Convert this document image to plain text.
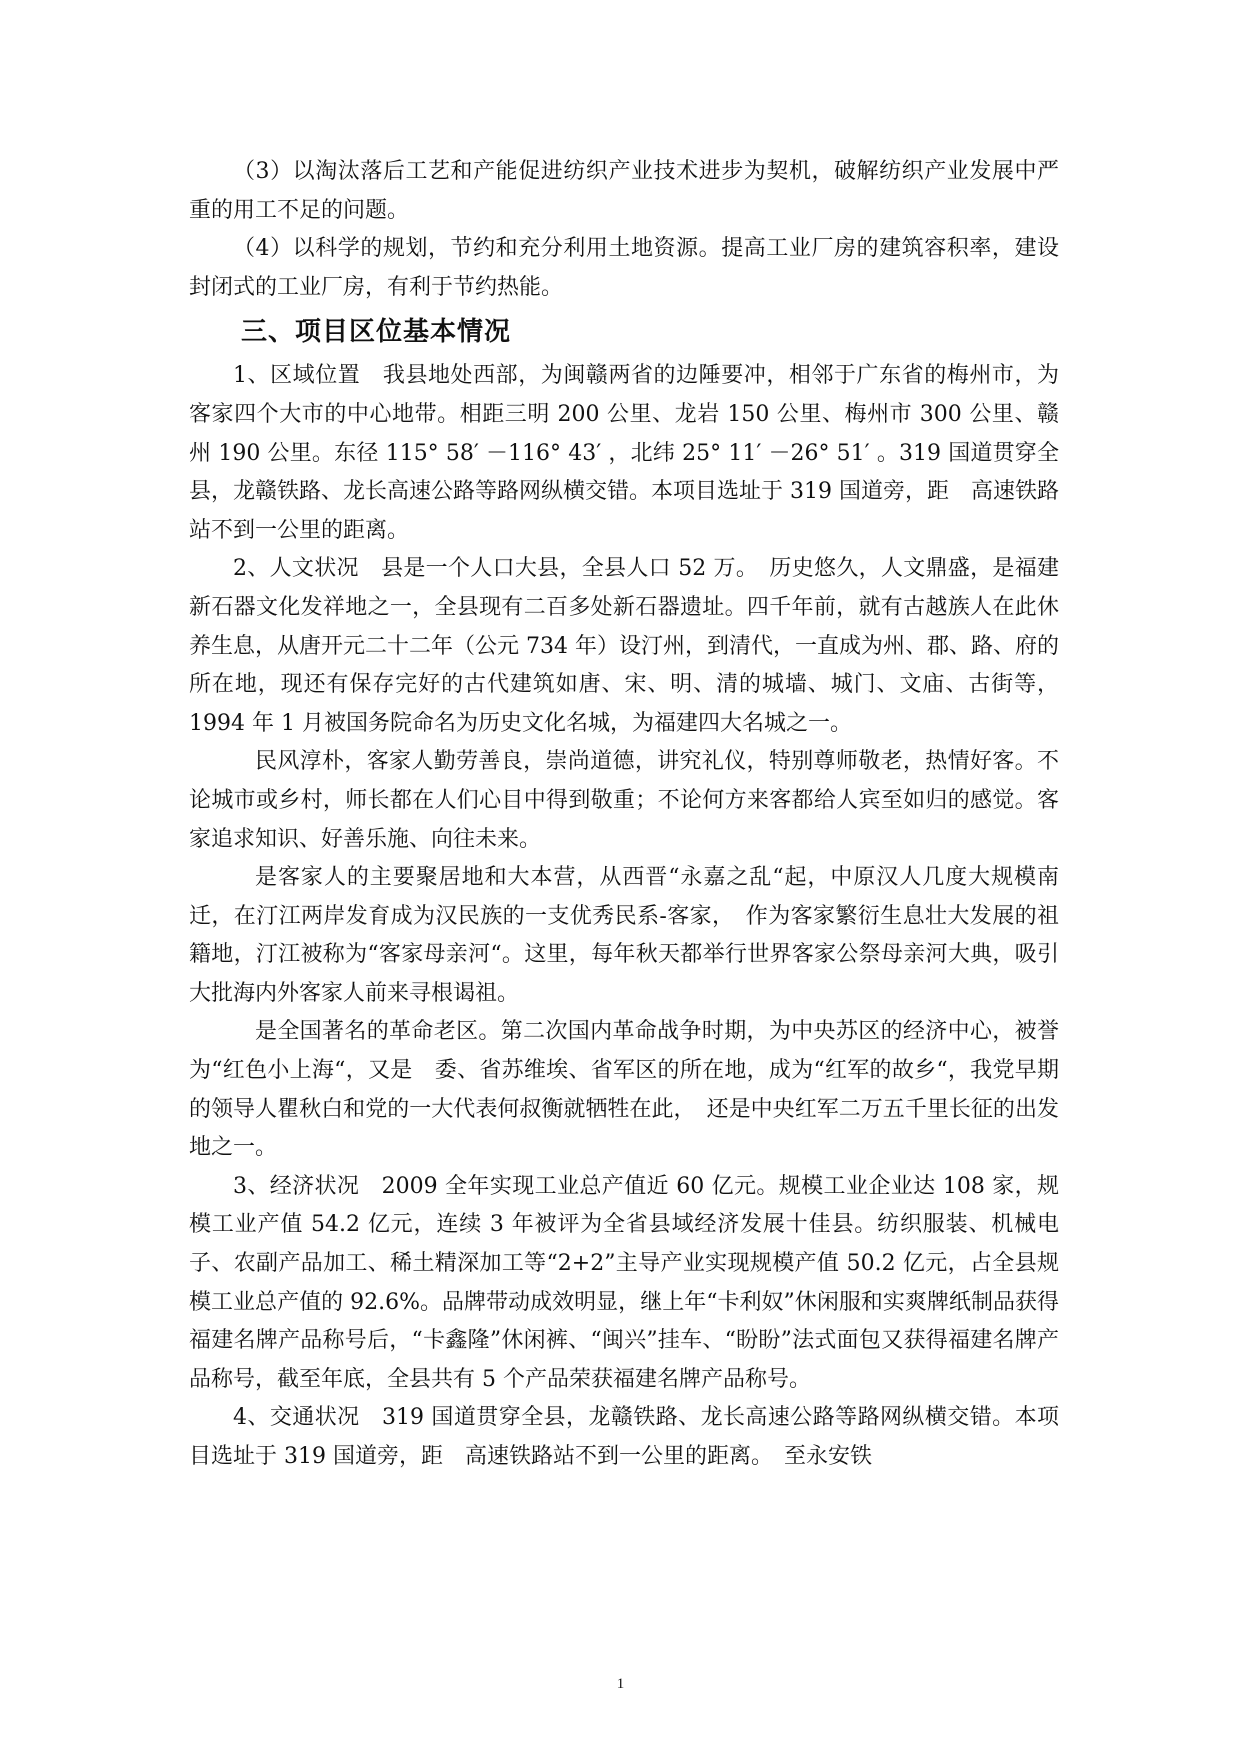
（3）以淘汰落后工艺和产能促进纺织产业技术进步为契机，破解纺织产业发展中严重的用工不足的问题。

（4）以科学的规划，节约和充分利用土地资源。提高工业厂房的建筑容积率，建设封闭式的工业厂房，有利于节约热能。

三、项目区位基本情况

1、区域位置　我县地处西部，为闽赣两省的边陲要冲，相邻于广东省的梅州市，为客家四个大市的中心地带。相距三明 200 公里、龙岩 150 公里、梅州市 300 公里、赣州 190 公里。东径 115° 58′ －116° 43′ ，北纬 25° 11′ －26° 51′ 。319 国道贯穿全县，龙赣铁路、龙长高速公路等路网纵横交错。本项目选址于 319 国道旁，距　高速铁路站不到一公里的距离。

2、人文状况　县是一个人口大县，全县人口 52 万。　历史悠久，人文鼎盛，是福建新石器文化发祥地之一，全县现有二百多处新石器遗址。四千年前，就有古越族人在此休养生息，从唐开元二十二年（公元 734 年）设汀州，到清代，一直成为州、郡、路、府的所在地，现还有保存完好的古代建筑如唐、宋、明、清的城墙、城门、文庙、古街等，1994 年 1 月被国务院命名为历史文化名城，为福建四大名城之一。

民风淳朴，客家人勤劳善良，崇尚道德，讲究礼仪，特别尊师敬老，热情好客。不论城市或乡村，师长都在人们心目中得到敬重；不论何方来客都给人宾至如归的感觉。客家追求知识、好善乐施、向往未来。

是客家人的主要聚居地和大本营，从西晋“永嘉之乱“起，中原汉人几度大规模南迁，在汀江两岸发育成为汉民族的一支优秀民系-客家，　作为客家繁衍生息壮大发展的祖籍地，汀江被称为“客家母亲河“。这里，每年秋天都举行世界客家公祭母亲河大典，吸引大批海内外客家人前来寻根谒祖。

是全国著名的革命老区。第二次国内革命战争时期，为中央苏区的经济中心，被誉为“红色小上海“，又是　委、省苏维埃、省军区的所在地，成为“红军的故乡“，我党早期的领导人瞿秋白和党的一大代表何叔衡就牺牲在此，　还是中央红军二万五千里长征的出发地之一。

3、经济状况　2009 全年实现工业总产值近 60 亿元。规模工业企业达 108 家，规模工业产值 54.2 亿元，连续 3 年被评为全省县域经济发展十佳县。纺织服装、机械电子、农副产品加工、稀土精深加工等“2+2”主导产业实现规模产值 50.2 亿元，占全县规模工业总产值的 92.6%。品牌带动成效明显，继上年“卡利奴”休闲服和实爽牌纸制品获得福建名牌产品称号后，“卡鑫隆”休闲裤、“闽兴”挂车、“盼盼”法式面包又获得福建名牌产品称号，截至年底，全县共有 5 个产品荣获福建名牌产品称号。

4、交通状况　319 国道贯穿全县，龙赣铁路、龙长高速公路等路网纵横交错。本项目选址于 319 国道旁，距　高速铁路站不到一公里的距离。　至永安铁

1
